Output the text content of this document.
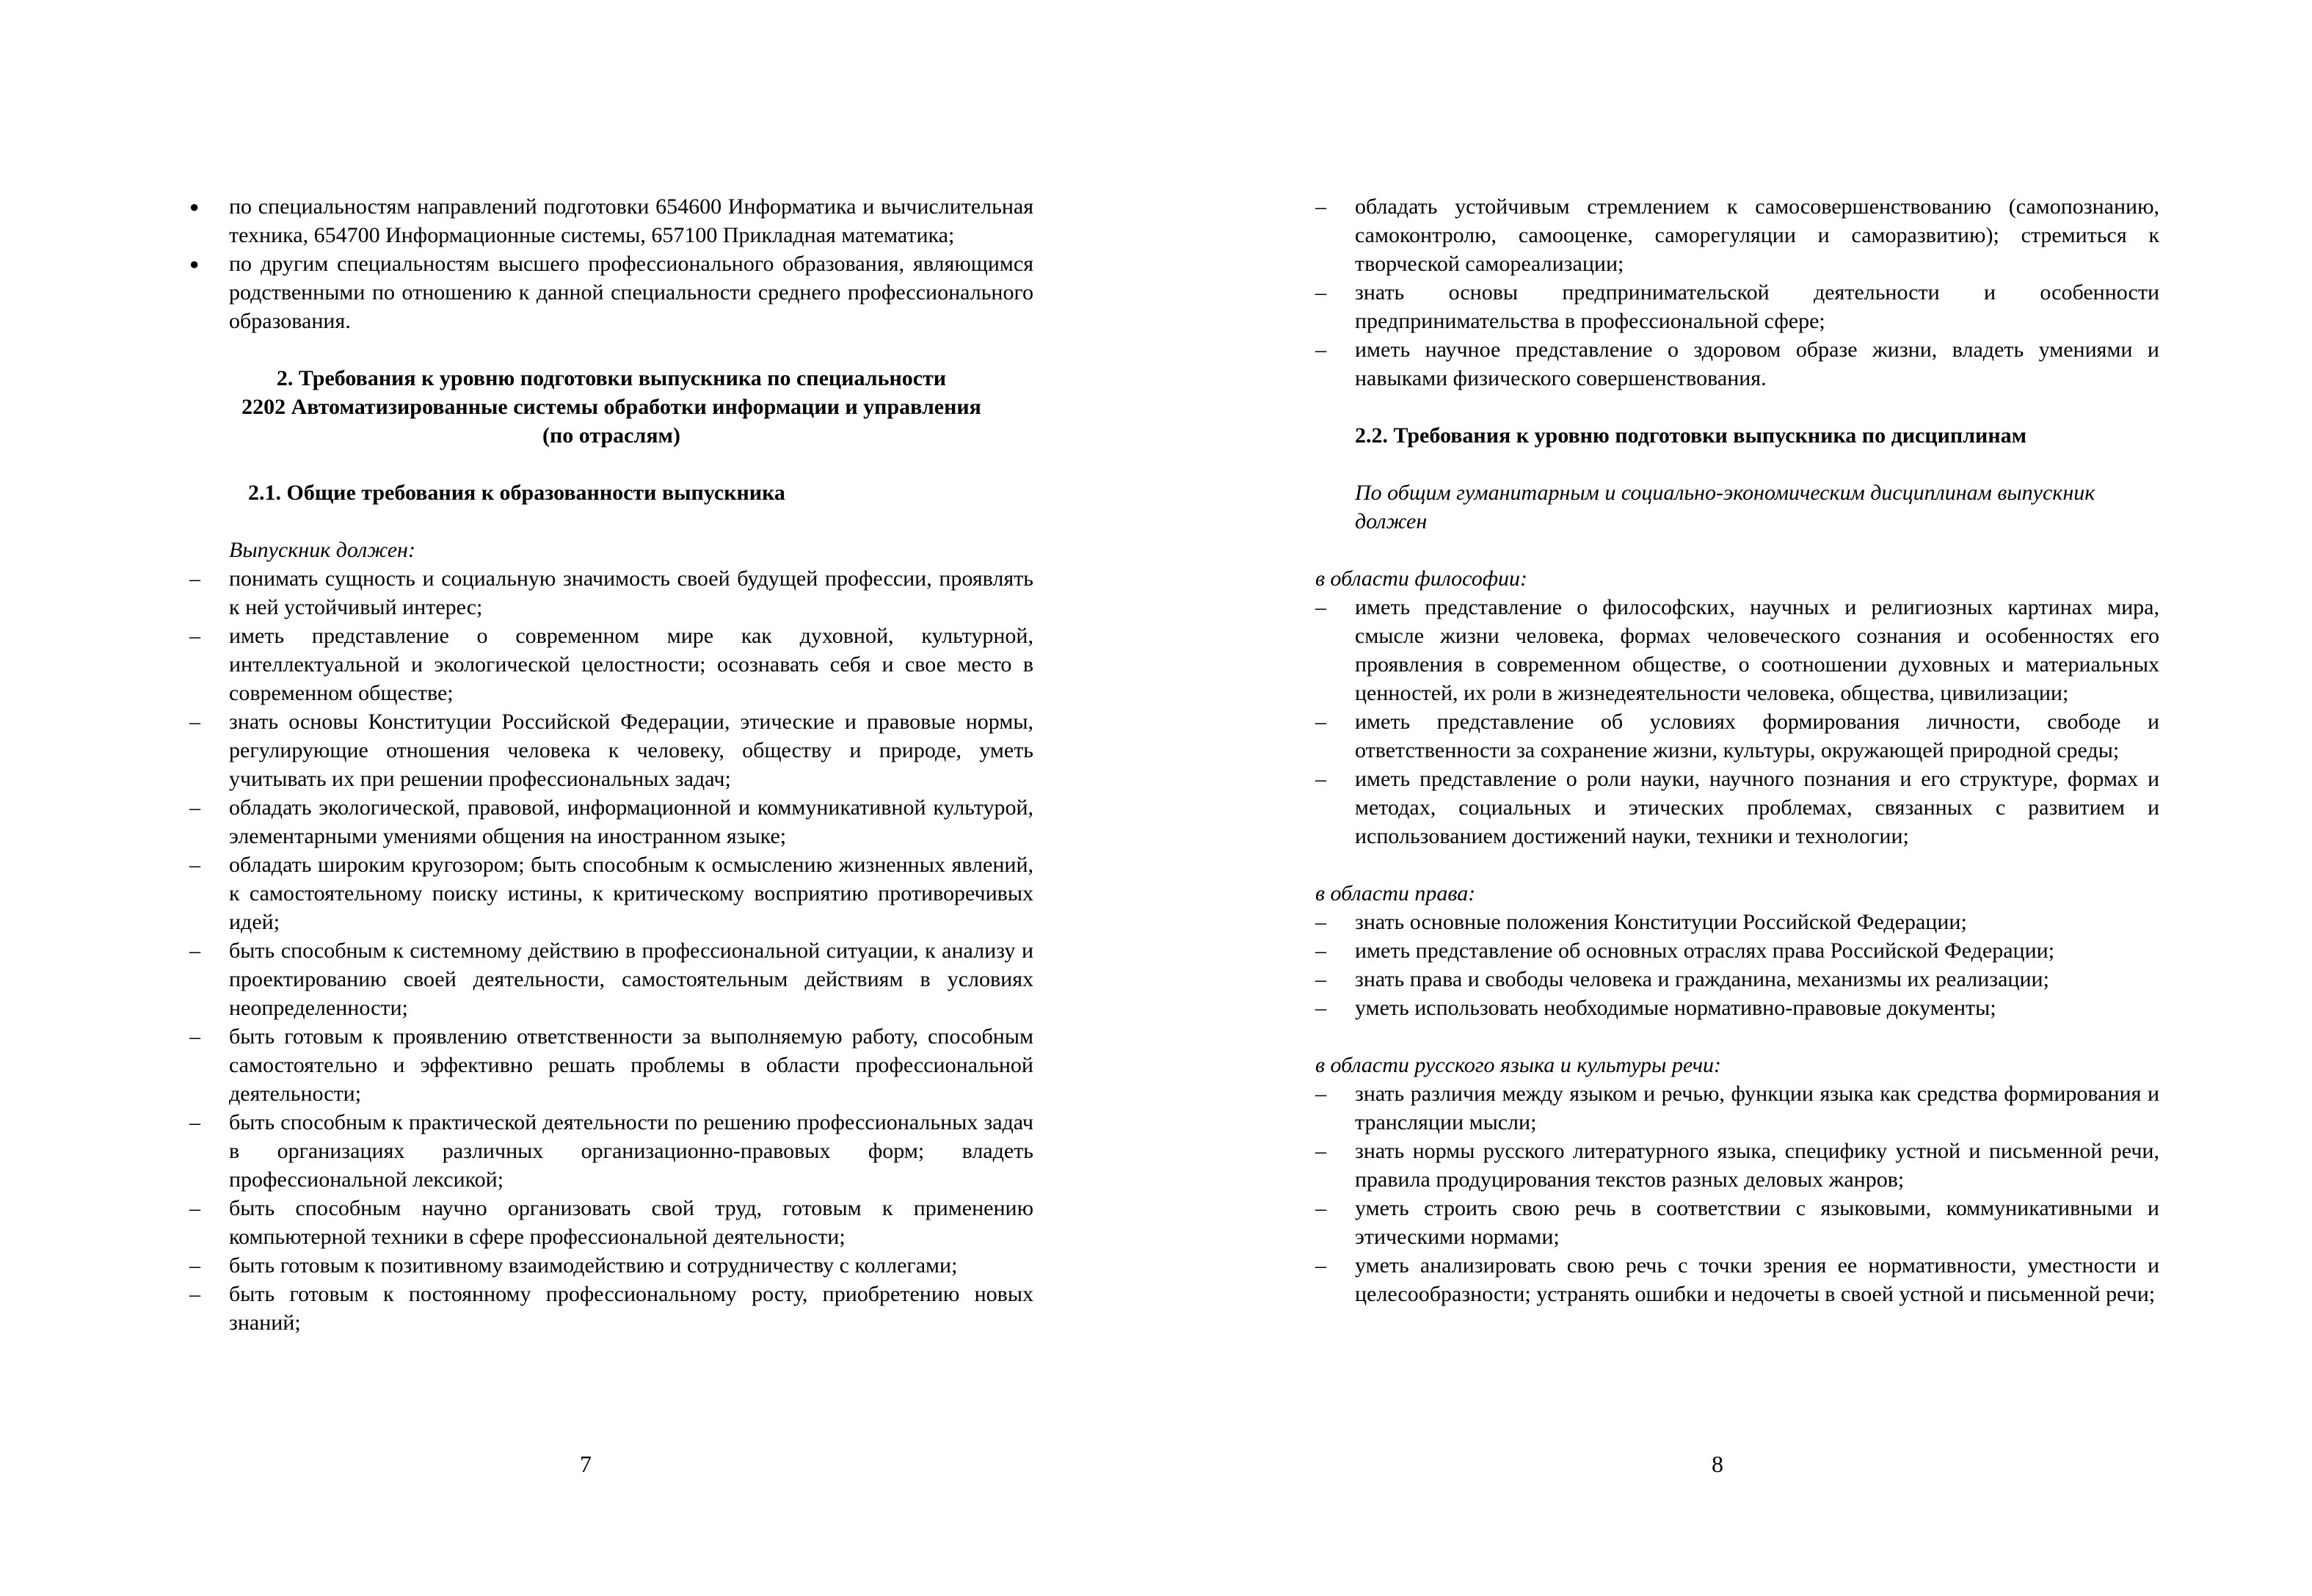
● по специальностям направлений подготовки 654600 Информатика и вычислительная техника, 654700 Информационные системы, 657100 Прикладная математика;
● по другим специальностям высшего профессионального образования, являющимся родственными по отношению к данной специальности среднего профессионального образования.
2. Требования к уровню подготовки выпускника по специальности
2202 Автоматизированные системы обработки информации и управления
(по отраслям)
2.1. Общие требования к образованности выпускника
Выпускник должен:
– понимать сущность и социальную значимость своей будущей профессии, проявлять к ней устойчивый интерес;
– иметь представление о современном мире как духовной, культурной, интеллектуальной и экологической целостности; осознавать себя и свое место в современном обществе;
– знать основы Конституции Российской Федерации, этические и правовые нормы, регулирующие отношения человека к человеку, обществу и природе, уметь учитывать их при решении профессиональных задач;
– обладать экологической, правовой, информационной и коммуникативной культурой, элементарными умениями общения на иностранном языке;
– обладать широким кругозором; быть способным к осмыслению жизненных явлений, к самостоятельному поиску истины, к критическому восприятию противоречивых идей;
– быть способным к системному действию в профессиональной ситуации, к анализу и проектированию своей деятельности, самостоятельным действиям в условиях неопределенности;
– быть готовым к проявлению ответственности за выполняемую работу, способным самостоятельно и эффективно решать проблемы в области профессиональной деятельности;
– быть способным к практической деятельности по решению профессиональных задач в организациях различных организационно-правовых форм; владеть профессиональной лексикой;
– быть способным научно организовать свой труд, готовым к применению компьютерной техники в сфере профессиональной деятельности;
– быть готовым к позитивному взаимодействию и сотрудничеству с коллегами;
– быть готовым к постоянному профессиональному росту, приобретению новых знаний;
– обладать устойчивым стремлением к самосовершенствованию (самопознанию, самоконтролю, самооценке, саморегуляции и саморазвитию); стремиться к творческой самореализации;
– знать основы предпринимательской деятельности и особенности предпринимательства в профессиональной сфере;
– иметь научное представление о здоровом образе жизни, владеть умениями и навыками физического совершенствования.
2.2. Требования к уровню подготовки выпускника по дисциплинам
По общим гуманитарным и социально-экономическим дисциплинам выпускник должен
в области философии:
– иметь представление о философских, научных и религиозных картинах мира, смысле жизни человека, формах человеческого сознания и особенностях его проявления в современном обществе, о соотношении духовных и материальных ценностей, их роли в жизнедеятельности человека, общества, цивилизации;
– иметь представление об условиях формирования личности, свободе и ответственности за сохранение жизни, культуры, окружающей природной среды;
– иметь представление о роли науки, научного познания и его структуре, формах и методах, социальных и этических проблемах, связанных с развитием и использованием достижений науки, техники и технологии;
в области права:
– знать основные положения Конституции Российской Федерации;
– иметь представление об основных отраслях права Российской Федерации;
– знать права и свободы человека и гражданина, механизмы их реализации;
– уметь использовать необходимые нормативно-правовые документы;
в области русского языка и культуры речи:
– знать различия между языком и речью, функции языка как средства формирования и трансляции мысли;
– знать нормы русского литературного языка, специфику устной и письменной речи, правила продуцирования текстов разных деловых жанров;
– уметь строить свою речь в соответствии с языковыми, коммуникативными и этическими нормами;
– уметь анализировать свою речь с точки зрения ее нормативности, уместности и целесообразности; устранять ошибки и недочеты в своей устной и письменной речи;
7	8
